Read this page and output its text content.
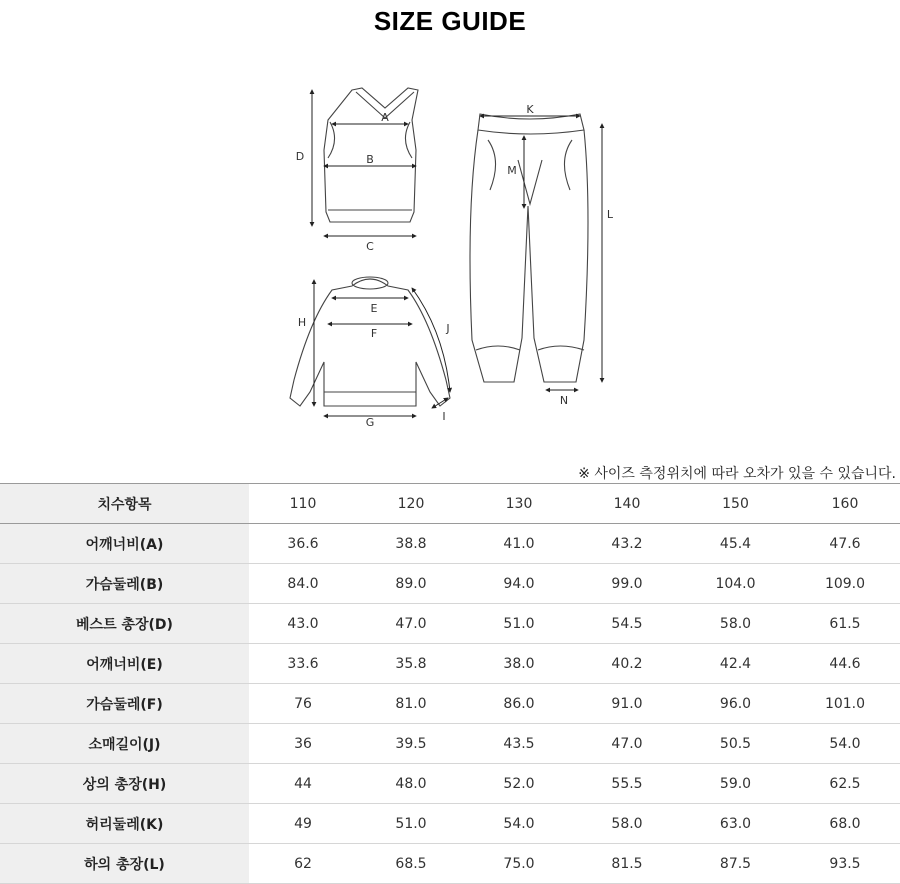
SIZE GUIDE
A
B
C
D
E
F
G
H
I
J
K
L
M
N
※ 사이즈 측정위치에 따라 오차가 있을 수 있습니다.
치수항목	110	120	130	140	150	160
어깨너비(A)	36.6	38.8	41.0	43.2	45.4	47.6
가슴둘레(B)	84.0	89.0	94.0	99.0	104.0	109.0
베스트 총장(D)	43.0	47.0	51.0	54.5	58.0	61.5
어깨너비(E)	33.6	35.8	38.0	40.2	42.4	44.6
가슴둘레(F)	76	81.0	86.0	91.0	96.0	101.0
소매길이(J)	36	39.5	43.5	47.0	50.5	54.0
상의 총장(H)	44	48.0	52.0	55.5	59.0	62.5
허리둘레(K)	49	51.0	54.0	58.0	63.0	68.0
하의 총장(L)	62	68.5	75.0	81.5	87.5	93.5
